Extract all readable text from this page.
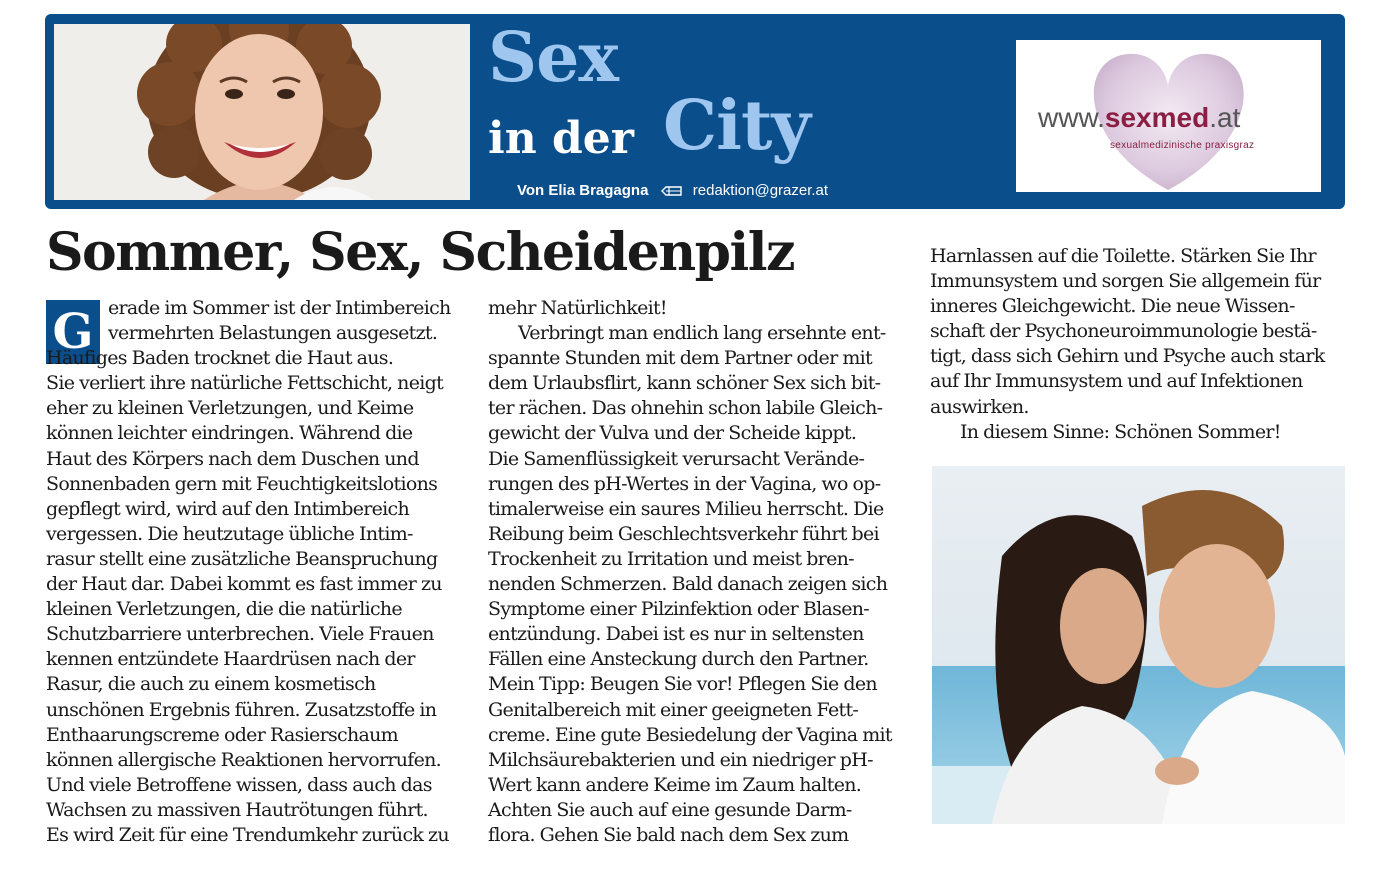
Sex
in der City
Von Elia Bragagna	redaktion@grazer.at
www.sexmed.at
sexualmedizinische praxisgraz
Sommer, Sex, Scheidenpilz
G erade im Sommer ist der Intimbereich

vermehrten Belastungen ausgesetzt.

Häufiges Baden trocknet die Haut aus.

Sie verliert ihre natürliche Fettschicht, neigt

eher zu kleinen Verletzungen, und Keime

können leichter eindringen. Während die

Haut des Körpers nach dem Duschen und

Sonnenbaden gern mit Feuchtigkeitslotions

gepflegt wird, wird auf den Intimbereich

vergessen. Die heutzutage übliche Intim-

rasur stellt eine zusätzliche Beanspruchung

der Haut dar. Dabei kommt es fast immer zu

kleinen Verletzungen, die die natürliche

Schutzbarriere unterbrechen. Viele Frauen

kennen entzündete Haardrüsen nach der

Rasur, die auch zu einem kosmetisch

unschönen Ergebnis führen. Zusatzstoffe in

Enthaarungscreme oder Rasierschaum

können allergische Reaktionen hervorrufen.

Und viele Betroffene wissen, dass auch das

Wachsen zu massiven Hautrötungen führt.

Es wird Zeit für eine Trendumkehr zurück zu

mehr Natürlichkeit!

Verbringt man endlich lang ersehnte ent-

spannte Stunden mit dem Partner oder mit

dem Urlaubsflirt, kann schöner Sex sich bit-

ter rächen. Das ohnehin schon labile Gleich-

gewicht der Vulva und der Scheide kippt.

Die Samenflüssigkeit verursacht Verände-

rungen des pH-Wertes in der Vagina, wo op-

timalerweise ein saures Milieu herrscht. Die

Reibung beim Geschlechtsverkehr führt bei

Trockenheit zu Irritation und meist bren-

nenden Schmerzen. Bald danach zeigen sich

Symptome einer Pilzinfektion oder Blasen-

entzündung. Dabei ist es nur in seltensten

Fällen eine Ansteckung durch den Partner.

Mein Tipp: Beugen Sie vor! Pflegen Sie den

Genitalbereich mit einer geeigneten Fett-

creme. Eine gute Besiedelung der Vagina mit

Milchsäurebakterien und ein niedriger pH-

Wert kann andere Keime im Zaum halten.

Achten Sie auch auf eine gesunde Darm-

flora. Gehen Sie bald nach dem Sex zum

Harnlassen auf die Toilette. Stärken Sie Ihr

Immunsystem und sorgen Sie allgemein für

inneres Gleichgewicht. Die neue Wissen-

schaft der Psychoneuroimmunologie bestä-

tigt, dass sich Gehirn und Psyche auch stark

auf Ihr Immunsystem und auf Infektionen

auswirken.

In diesem Sinne: Schönen Sommer!
